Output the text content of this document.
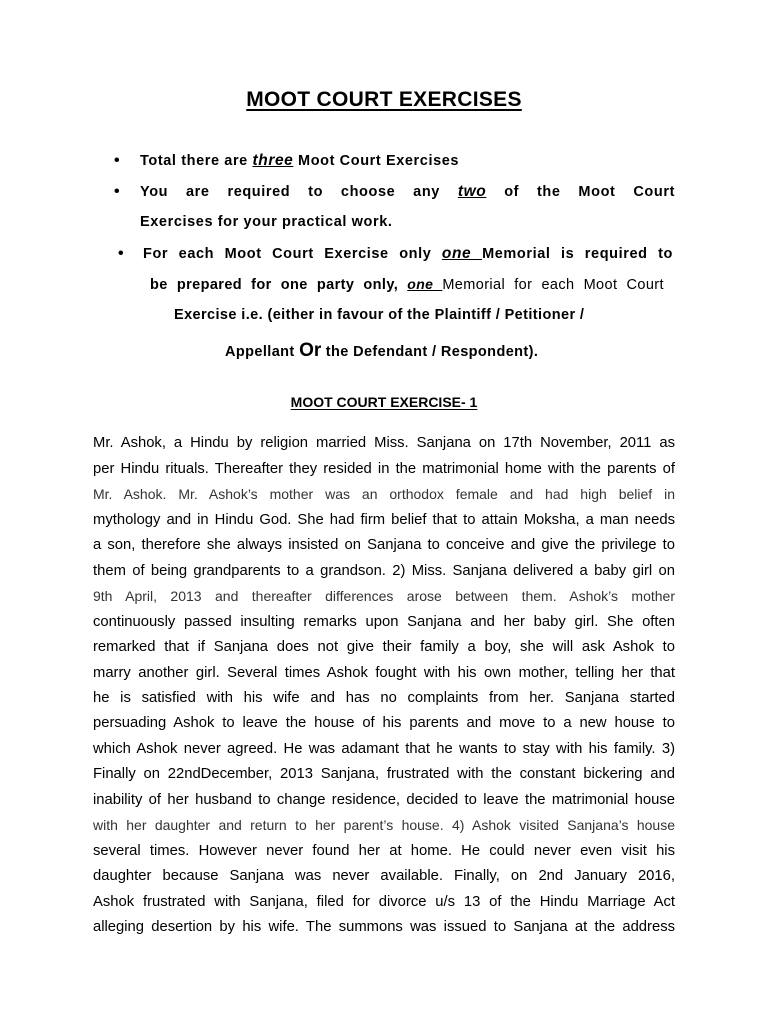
MOOT COURT EXERCISES
• Total there are three Moot Court Exercises
• You are required to choose any two of the Moot Court
Exercises for your practical work.
• For each Moot Court Exercise only one Memorial is required to
be prepared for one party only, one Memorial for each Moot Court
Exercise i.e. (either in favour of the Plaintiff / Petitioner /
Appellant Or the Defendant / Respondent).
MOOT COURT EXERCISE- 1
Mr. Ashok, a Hindu by religion married Miss. Sanjana on 17th November, 2011 as
per Hindu rituals. Thereafter they resided in the matrimonial home with the parents of
Mr. Ashok. Mr. Ashok’s mother was an orthodox female and had high belief in
mythology and in Hindu God. She had firm belief that to attain Moksha, a man needs
a son, therefore she always insisted on Sanjana to conceive and give the privilege to
them of being grandparents to a grandson. 2) Miss. Sanjana delivered a baby girl on
9th April, 2013 and thereafter differences arose between them. Ashok’s mother
continuously passed insulting remarks upon Sanjana and her baby girl. She often
remarked that if Sanjana does not give their family a boy, she will ask Ashok to
marry another girl. Several times Ashok fought with his own mother, telling her that
he is satisfied with his wife and has no complaints from her. Sanjana started
persuading Ashok to leave the house of his parents and move to a new house to
which Ashok never agreed. He was adamant that he wants to stay with his family. 3)
Finally on 22ndDecember, 2013 Sanjana, frustrated with the constant bickering and
inability of her husband to change residence, decided to leave the matrimonial house
with her daughter and return to her parent’s house. 4) Ashok visited Sanjana’s house
several times. However never found her at home. He could never even visit his
daughter because Sanjana was never available. Finally, on 2nd January 2016,
Ashok frustrated with Sanjana, filed for divorce u/s 13 of the Hindu Marriage Act
alleging desertion by his wife. The summons was issued to Sanjana at the address
